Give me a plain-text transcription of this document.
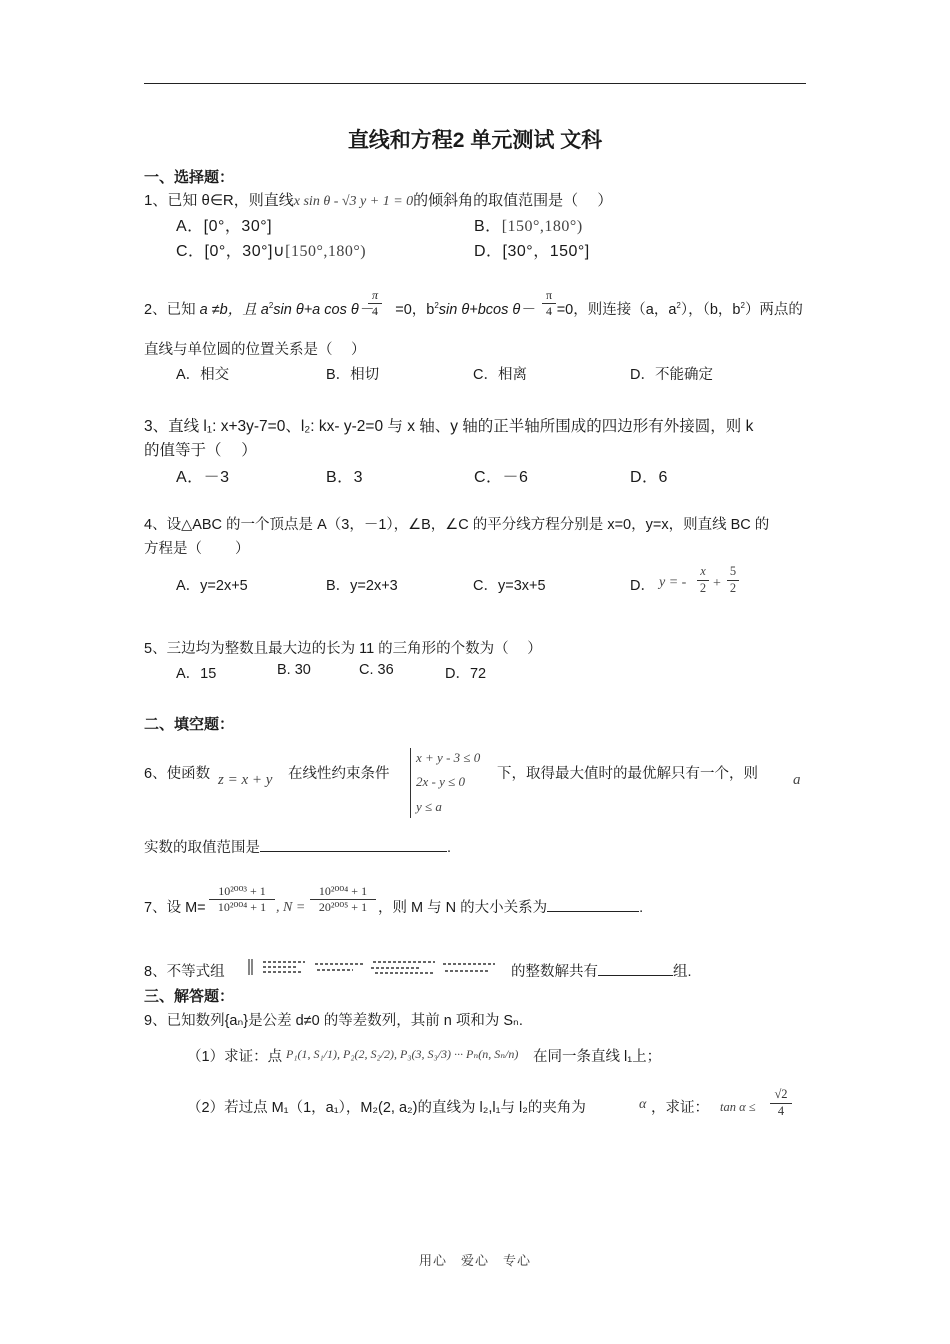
直线和方程2 单元测试 文科
一、选择题：
1、已知 θ∈R，则直线x sin θ - √3 y + 1 = 0的倾斜角的取值范围是（　 ）
A．[0°，30°]	B．[150°,180°)
C．[0°，30°]∪[150°,180°)	D．[30°，150°]
2、已知 a ≠b，且 $a^2\sin$ θ+a cos θ－ =0，$b^2\sin$ θ+bcos θ－ =0，则连接（a，$a^2$），（b，$b^2$）两点的
π
4
π
4
直线与单位圆的位置关系是（　 ）
A．相交	B．相切	C．相离	D．不能确定
3、直线 l₁: x+3y-7=0、l₂: kx- y-2=0 与 x 轴、y 轴的正半轴所围成的四边形有外接圆，则 k
的值等于（　 ）
A．－3	B．3	C．－6	D．6
4、设△ABC 的一个顶点是 A（3，－1），∠B，∠C 的平分线方程分别是 x=0，y=x，则直线 BC 的
方程是（　　 ）
A．y=2x+5	B．y=2x+3	C．y=3x+5	D． y = -
x
2 +
5
2
5、三边均为整数且最大边的长为 11 的三角形的个数为（　 ）
A．15	B. 30	C. 36	D．72
二、填空题：
6、使函数 z = x + y 在线性约束条件
x + y - 3 ≤ 0
2x - y ≤ 0
y ≤ a
下，取得最大值时的最优解只有一个，则 a
实数的取值范围是	.
7、设 M=
10²⁰⁰³ + 1
10²⁰⁰⁴ + 1 , N =
10²⁰⁰⁴ + 1
20²⁰⁰⁵ + 1 ，则 M 与 N 的大小关系为	.
8、不等式组	的整数解共有	组.
三、解答题：
9、已知数列{aₙ}是公差 d≠0 的等差数列，其前 n 项和为 Sₙ.
（1）求证：点 P₁(1, S₁/1), P₂(2, S₂/2), P₃(3, S₃/3) ··· Pₙ(n, Sₙ/n)	在同一条直线 l₁上；
（2）若过点 M₁（1，a₁），M₂(2, a₂)的直线为 l₂,l₁与 l₂的夹角为	α ，求证： tan α ≤
√2
4
用心　爱心　专心
